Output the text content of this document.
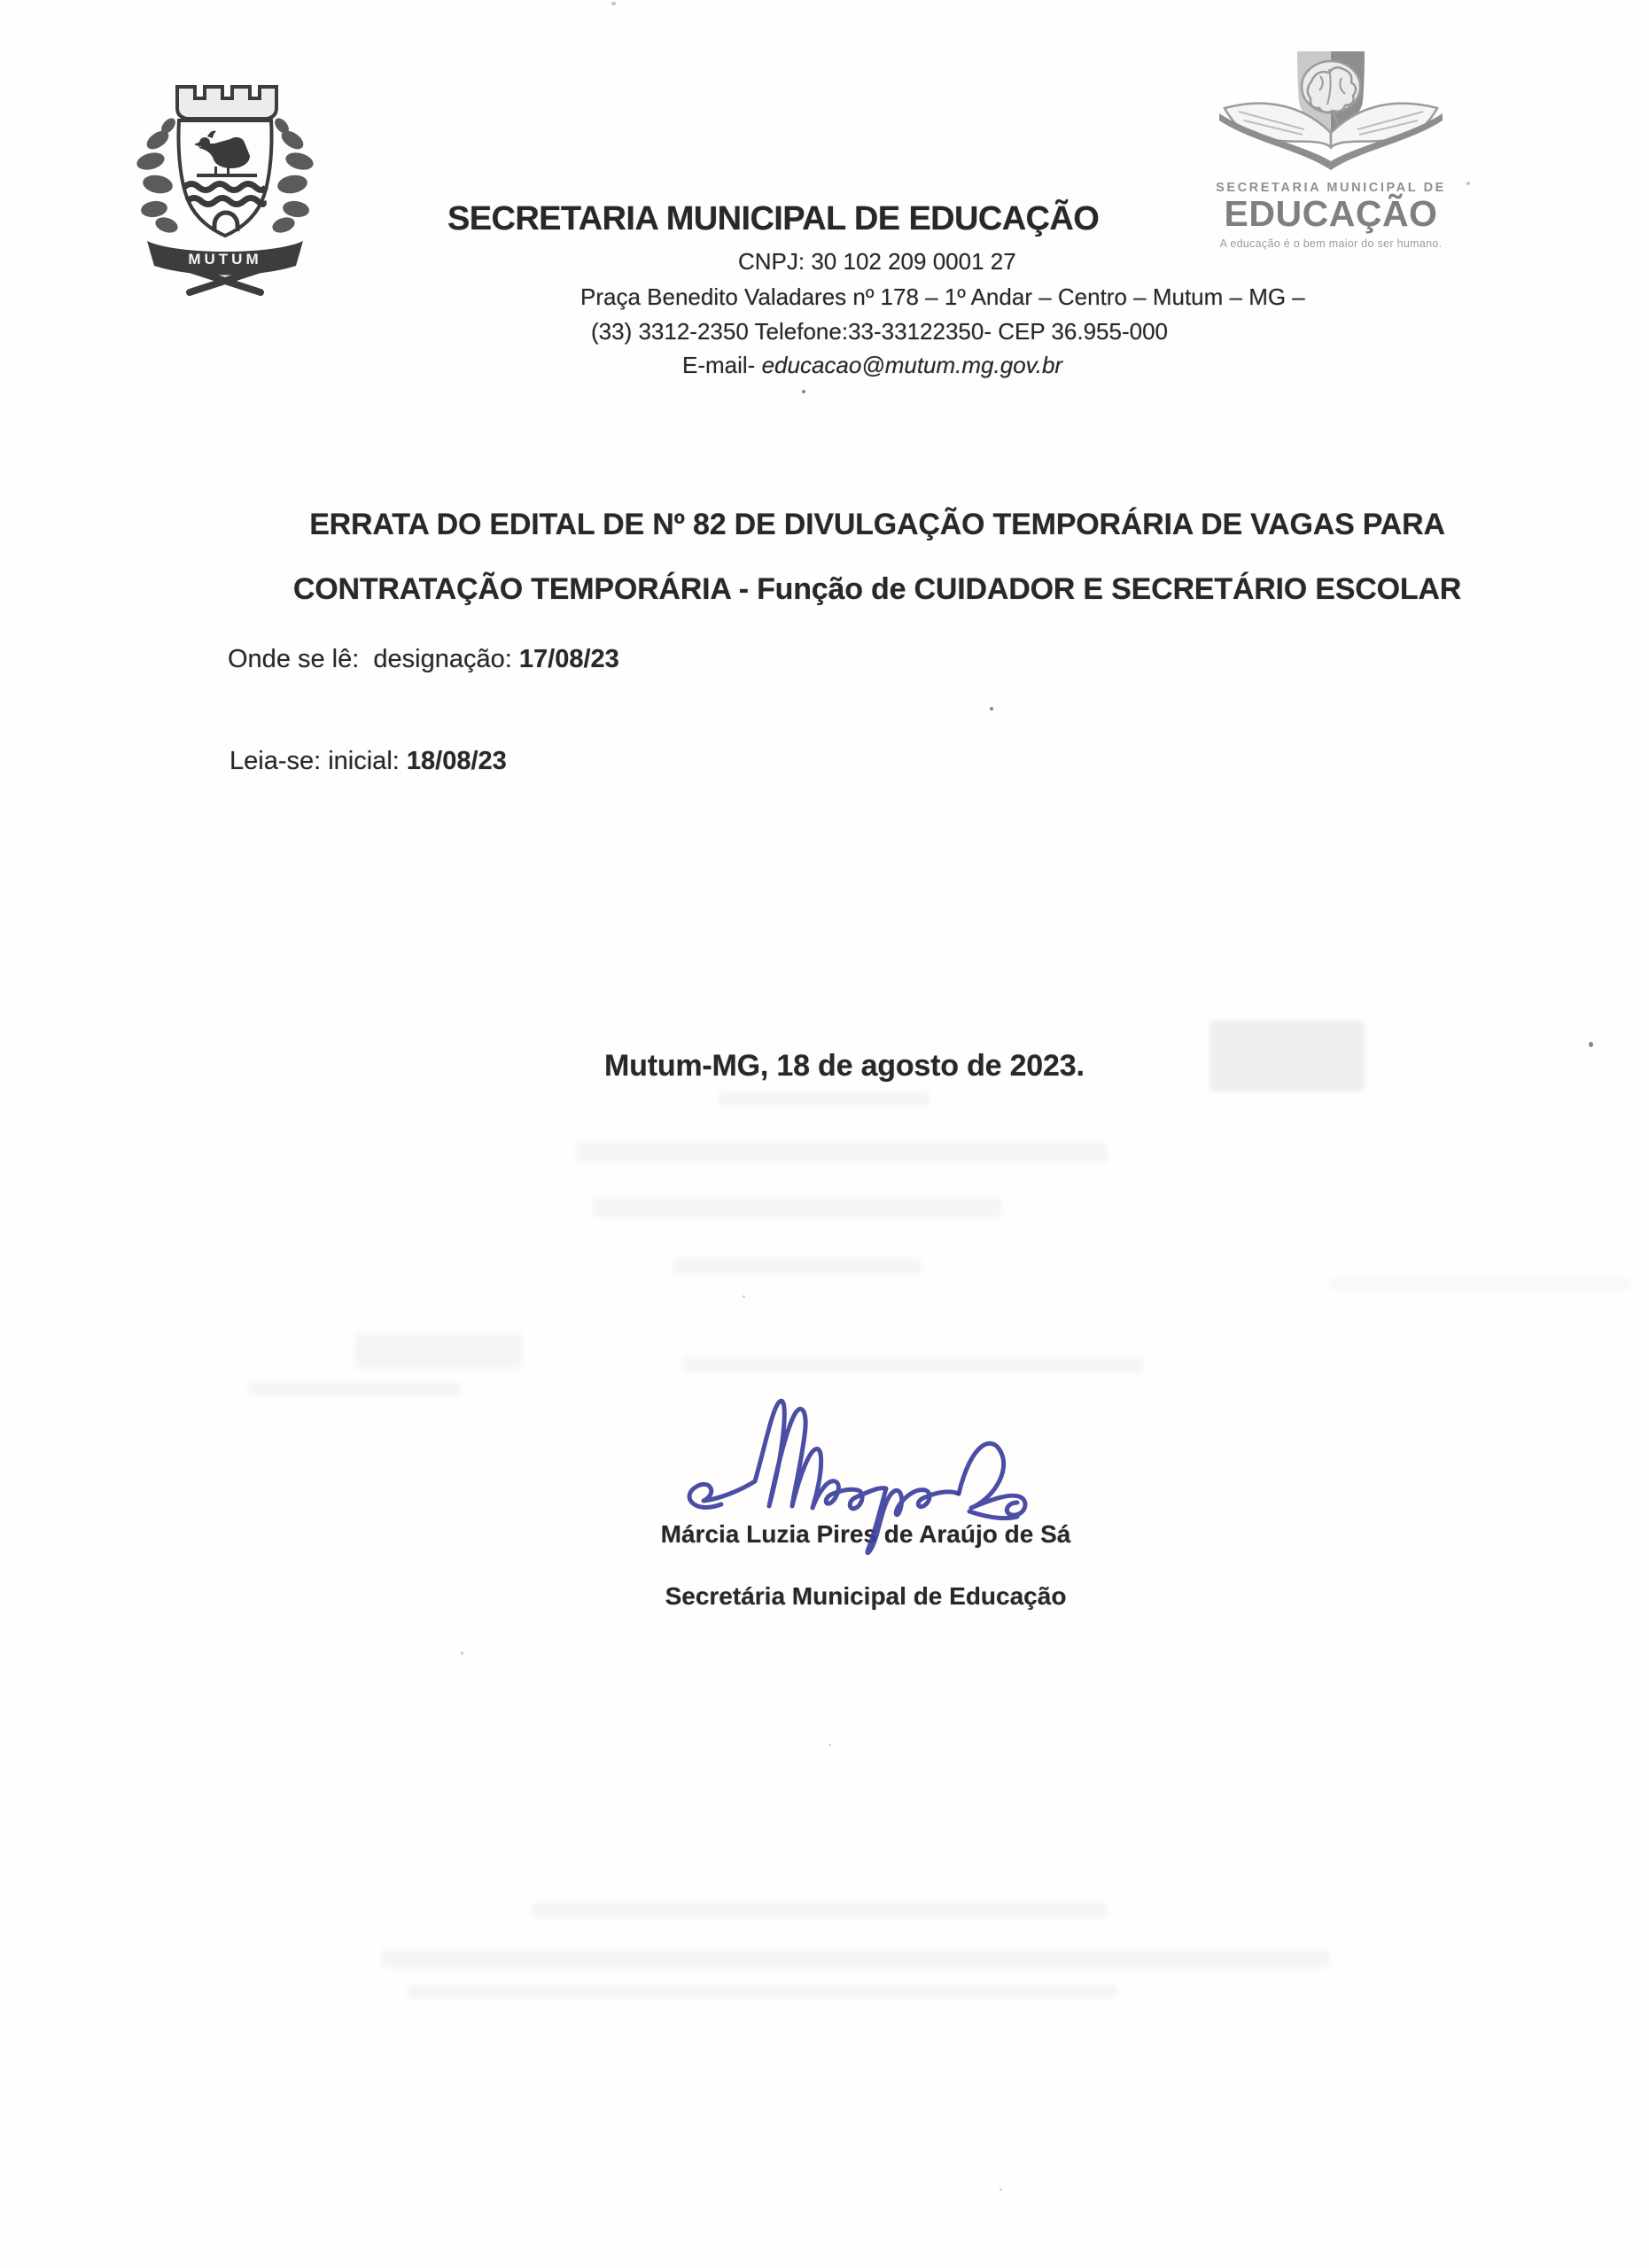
MUTUM
SECRETARIA MUNICIPAL DE
EDUCAÇÃO
A educação é o bem maior do ser humano.
SECRETARIA MUNICIPAL DE EDUCAÇÃO
CNPJ: 30 102 209 0001 27
Praça Benedito Valadares nº 178 – 1º Andar – Centro – Mutum – MG –
(33) 3312-2350 Telefone:33-33122350- CEP 36.955-000
E-mail- educacao@mutum.mg.gov.br
ERRATA DO EDITAL DE Nº 82 DE DIVULGAÇÃO TEMPORÁRIA DE VAGAS PARA
CONTRATAÇÃO TEMPORÁRIA - Função de CUIDADOR E SECRETÁRIO ESCOLAR
Onde se lê:  designação: 17/08/23
Leia-se: inicial: 18/08/23
Mutum-MG, 18 de agosto de 2023.
Márcia Luzia Pires de Araújo de Sá
Secretária Municipal de Educação
